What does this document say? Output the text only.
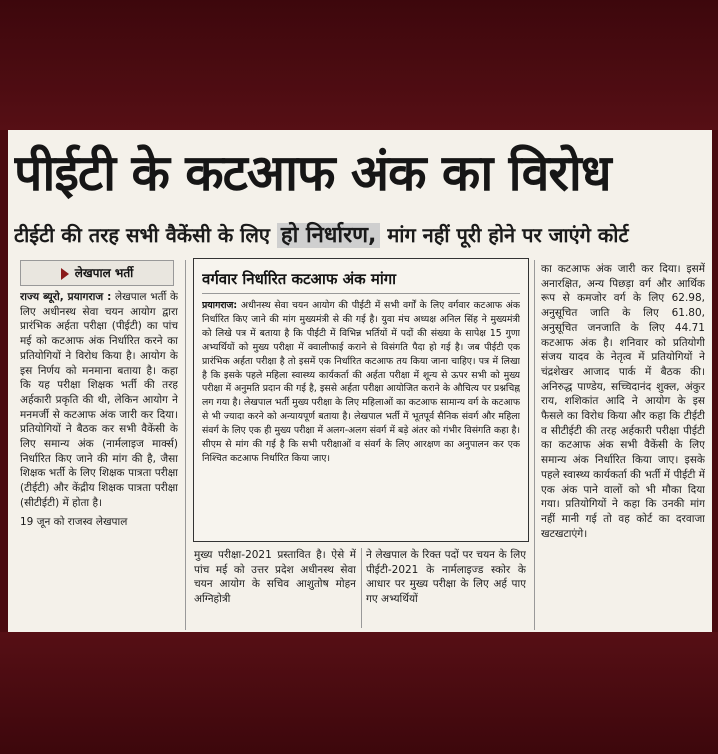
पीईटी के कटआफ अंक का विरोध
टीईटी की तरह सभी वैकेंसी के लिए हो निर्धारण, मांग नहीं पूरी होने पर जाएंगे कोर्ट
लेखपाल भर्ती
राज्य ब्यूरो, प्रयागराज : लेखपाल भर्ती के लिए अधीनस्थ सेवा चयन आयोग द्वारा प्रारंभिक अर्हता परीक्षा (पीईटी) का पांच मई को कटआफ अंक निर्धारित करने का प्रतियोगियों ने विरोध किया है। आयोग के इस निर्णय को मनमाना बताया है। कहा कि यह परीक्षा शिक्षक भर्ती की तरह अर्हकारी प्रकृति की थी, लेकिन आयोग ने मनमर्जी से कटआफ अंक जारी कर दिया। प्रतियोगियों ने बैठक कर सभी वैकेंसी के लिए समान्य अंक (नार्मलाइज मार्क्स) निर्धारित किए जाने की मांग की है, जैसा शिक्षक भर्ती के लिए शिक्षक पात्रता परीक्षा (टीईटी) और केंद्रीय शिक्षक पात्रता परीक्षा (सीटीईटी) में होता है।
19 जून को राजस्व लेखपाल
वर्गवार निर्धारित कटआफ अंक मांगा
प्रयागराज: अधीनस्थ सेवा चयन आयोग की पीईटी में सभी वर्गों के लिए वर्गवार कटआफ अंक निर्धारित किए जाने की मांग मुख्यमंत्री से की गई है। युवा मंच अध्यक्ष अनिल सिंह ने मुख्यमंत्री को लिखे पत्र में बताया है कि पीईटी में विभिन्न भर्तियों में पदों की संख्या के सापेक्ष 15 गुणा अभ्यर्थियों को मुख्य परीक्षा में क्वालीफाई कराने से विसंगति पैदा हो गई है। जब पीईटी एक प्रारंभिक अर्हता परीक्षा है तो इसमें एक निर्धारित कटआफ तय किया जाना चाहिए। पत्र में लिखा है कि इसके पहले महिला स्वास्थ्य कार्यकर्ता की अर्हता परीक्षा में शून्य से ऊपर सभी को मुख्य परीक्षा में अनुमति प्रदान की गई है, इससे अर्हता परीक्षा आयोजित कराने के औचित्य पर प्रश्नचिह्न लग गया है। लेखपाल भर्ती मुख्य परीक्षा के लिए महिलाओं का कटआफ सामान्य वर्ग के कटआफ से भी ज्यादा करने को अन्यायपूर्ण बताया है। लेखपाल भर्ती में भूतपूर्व सैनिक संवर्ग और महिला संवर्ग के लिए एक ही मुख्य परीक्षा में अलग-अलग संवर्ग में बड़े अंतर को गंभीर विसंगति कहा है। सीएम से मांग की गई है कि सभी परीक्षाओं व संवर्ग के लिए आरक्षण का अनुपालन कर एक निश्चित कटआफ निर्धारित किया जाए।
मुख्य परीक्षा-2021 प्रस्तावित है। ऐसे में पांच मई को उत्तर प्रदेश अधीनस्थ सेवा चयन आयोग के सचिव आशुतोष मोहन अग्निहोत्री
ने लेखपाल के रिक्त पदों पर चयन के लिए पीईटी-2021 के नार्मलाइज्ड स्कोर के आधार पर मुख्य परीक्षा के लिए अर्ह पाए गए अभ्यर्थियों
का कटआफ अंक जारी कर दिया। इसमें अनारक्षित, अन्य पिछड़ा वर्ग और आर्थिक रूप से कमजोर वर्ग के लिए 62.98, अनुसूचित जाति के लिए 61.80, अनुसूचित जनजाति के लिए 44.71 कटआफ अंक है। शनिवार को प्रतियोगी संजय यादव के नेतृत्व में प्रतियोगियों ने चंद्रशेखर आजाद पार्क में बैठक की। अनिरुद्ध पाण्डेय, सच्चिदानंद शुक्ल, अंकुर राय, शशिकांत आदि ने आयोग के इस फैसले का विरोध किया और कहा कि टीईटी व सीटीईटी की तरह अर्हकारी परीक्षा पीईटी का कटआफ अंक सभी वैकेंसी के लिए समान्य अंक निर्धारित किया जाए। इसके पहले स्वास्थ्य कार्यकर्ता की भर्ती में पीईटी में एक अंक पाने वालों को भी मौका दिया गया। प्रतियोगियों ने कहा कि उनकी मांग नहीं मानी गई तो वह कोर्ट का दरवाजा खटखटाएंगे।
